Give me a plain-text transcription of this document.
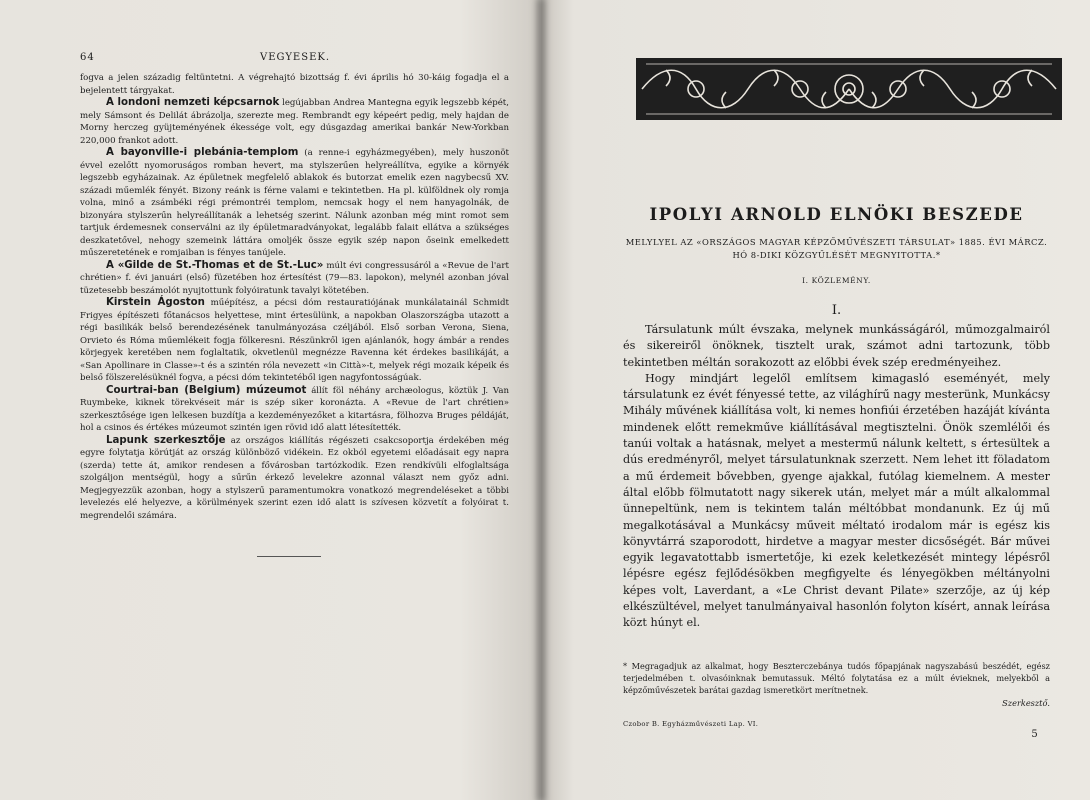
64	VEGYESEK.

fogva a jelen századig feltüntetni. A végrehajtó bizottság f. évi április hó 30-káig fogadja el a bejelentett tárgyakat.

A londoni nemzeti képcsarnok legújabban Andrea Mantegna egyik legszebb képét, mely Sámsont és Delilát ábrázolja, szerezte meg. Rembrandt egy képeért pedig, mely hajdan de Morny herczeg gyüjteményének ékessége volt, egy dúsgazdag amerikai bankár New-Yorkban 220,000 frankot adott.

A bayonville-i plebánia-templom (a renne-i egyházmegyében), mely huszonöt évvel ezelőtt nyomoruságos romban hevert, ma stylszerűen helyreállítva, egyike a környék legszebb egyházainak. Az épületnek megfelelő ablakok és butorzat emelik ezen nagybecsű XV. századi műemlék fényét. Bizony reánk is férne valami e tekintetben. Ha pl. külföldnek oly romja volna, minő a zsámbéki régi prémontréi templom, nemcsak hogy el nem hanyagolnák, de bizonyára stylszerűn helyreállítanák a lehetség szerint. Nálunk azonban még mint romot sem tartjuk érdemesnek conserválni az ily épületmaradványokat, legalább falait ellátva a szükséges deszkatetővel, nehogy szemeink láttára omoljék össze egyik szép napon őseink emelkedett műszeretetének e romjaiban is fényes tanújele.

A «Gilde de St.-Thomas et de St.-Luc» múlt évi congressusáról a «Revue de l'art chrétien» f. évi januári (első) füzetében hoz értesítést (79—83. lapokon), melynél azonban jóval tüzetesebb beszámolót nyujtottunk folyóiratunk tavalyi kötetében.

Kirstein Ágoston műépítész, a pécsi dóm restauratiójának munkálatainál Schmidt Frigyes építészeti főtanácsos helyettese, mint értesülünk, a napokban Olaszországba utazott a régi basilikák belső berendezésének tanulmányozása czéljából. Első sorban Verona, Siena, Orvieto és Róma műemlékeit fogja fölkeresni. Részünkről igen ajánlanók, hogy ámbár a rendes körjegyek keretében nem foglaltatik, okvetlenül megnézze Ravenna két érdekes basilikáját, a «San Apollinare in Classe»-t és a szintén róla nevezett «in Città»-t, melyek régi mozaik képeik és belső fölszerelésüknél fogva, a pécsi dóm tekintetéből igen nagyfontosságúak.

Courtrai-ban (Belgium) múzeumot állít föl néhány archæologus, köztük J. Van Ruymbeke, kiknek törekvéseit már is szép siker koronázta. A «Revue de l'art chrétien» szerkesztősége igen lelkesen buzdítja a kezdeményezőket a kitartásra, fölhozva Bruges példáját, hol a csinos és értékes múzeumot szintén igen rövid idő alatt létesítették.

Lapunk szerkesztője az országos kiállítás régészeti csakcsoportja érdekében még egyre folytatja körútját az ország különböző vidékein. Ez okból egyetemi előadásait egy napra (szerda) tette át, amikor rendesen a fővárosban tartózkodik. Ezen rendkívüli elfoglaltsága szolgáljon mentségül, hogy a sűrűn érkező levelekre azonnal választ nem győz adni. Megjegyezzük azonban, hogy a stylszerű paramentumokra vonatkozó megrendeléseket a többi levelezés elé helyezve, a körülmények szerint ezen idő alatt is szívesen közvetít a folyóirat t. megrendelői számára.

IPOLYI ARNOLD ELNÖKI BESZEDE
MELYLYEL AZ «ORSZÁGOS MAGYAR KÉPZŐMŰVÉSZETI TÁRSULAT» 1885. ÉVI MÁRCZ. HÓ 8-DIKI KÖZGYŰLÉSÉT MEGNYITOTTA.*
I. KÖZLEMÉNY.
I.

Társulatunk múlt évszaka, melynek munkásságáról, műmozgalmairól és sikereiről önöknek, tisztelt urak, számot adni tartozunk, több tekintetben méltán sorakozott az előbbi évek szép eredményeihez.

Hogy mindjárt legelől említsem kimagasló eseményét, mely társulatunk ez évét fényessé tette, az világhírű nagy mesterünk, Munkácsy Mihály művének kiállítása volt, ki nemes honfiúi érzetében hazáját kívánta mindenek előtt remekműve kiállításával megtisztelni. Önök szemlélői és tanúi voltak a hatásnak, melyet a mestermű nálunk keltett, s értesültek a dús eredményről, melyet társulatunknak szerzett. Nem lehet itt föladatom a mű érdemeit bővebben, gyenge ajakkal, futólag kiemelnem. A mester által előbb fölmutatott nagy sikerek után, melyet már a múlt alkalommal ünnepeltünk, nem is tekintem talán méltóbbat mondanunk. Ez új mű megalkotásával a Munkácsy műveit méltató irodalom már is egész kis könyvtárrá szaporodott, hirdetve a magyar mester dicsőségét. Bár művei egyik legavatottabb ismertetője, ki ezek keletkezését mintegy lépésről lépésre egész fejlődésökben megfigyelte és lényegökben méltányolni képes volt, Laverdant, a «Le Christ devant Pilate» szerzője, az új kép elkészültével, melyet tanulmányaival hasonlón folyton kísért, annak leírása közt húnyt el.

* Megragadjuk az alkalmat, hogy Beszterczebánya tudós főpapjának nagyszabású beszédét, egész terjedelmében t. olvasóinknak bemutassuk. Méltó folytatása ez a múlt évieknek, melyekből a képzőművészetek barátai gazdag ismeretkört merítnetnek.
Szerkesztő.
Czobor B. Egyházművészeti Lap. VI.
5
